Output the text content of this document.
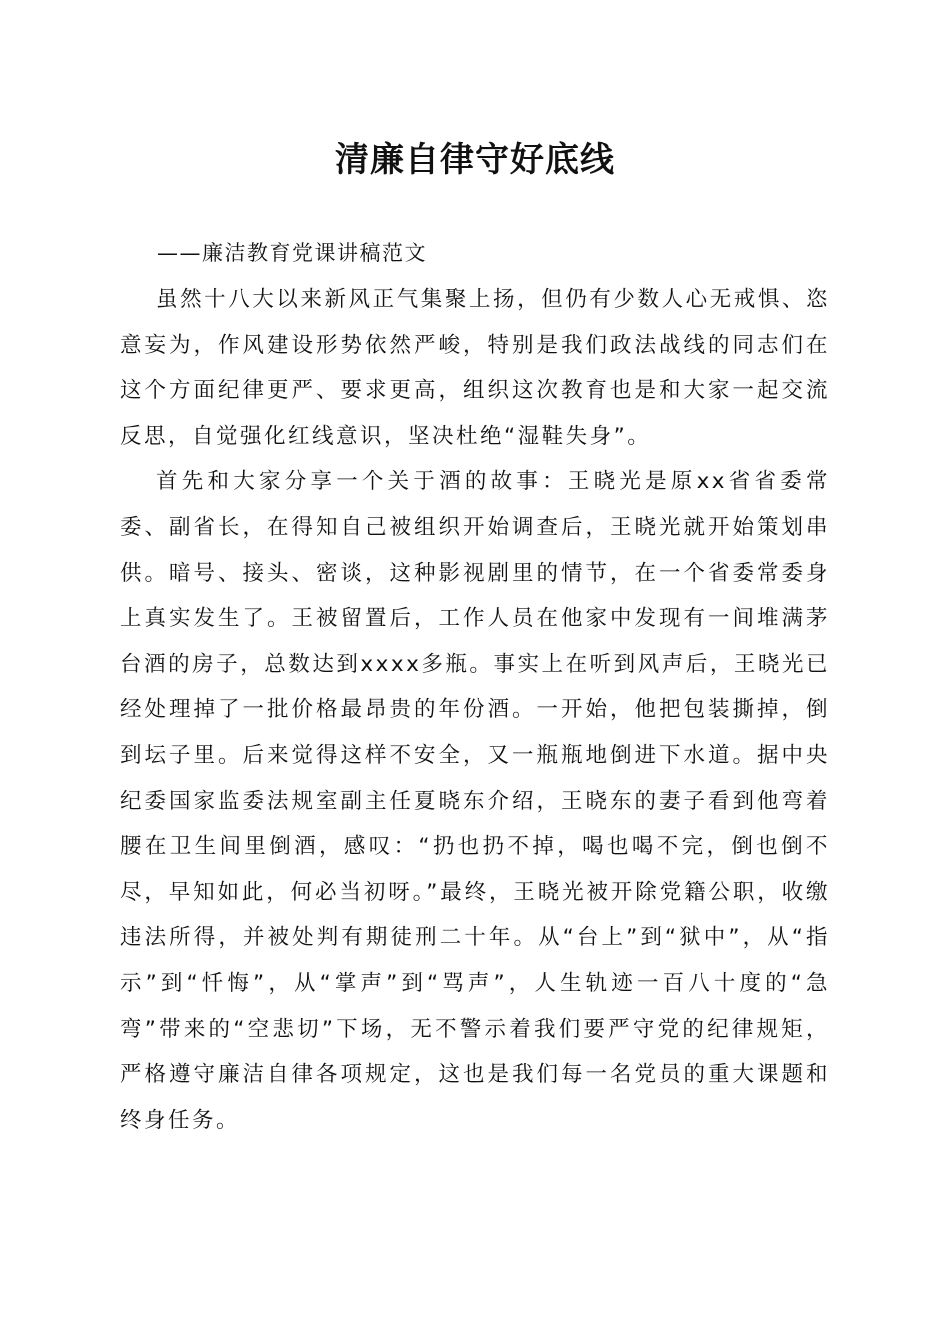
清廉自律守好底线
——廉洁教育党课讲稿范文

虽然十八大以来新风正气集聚上扬，但仍有少数人心无戒惧、恣意妄为，作风建设形势依然严峻，特别是我们政法战线的同志们在这个方面纪律更严、要求更高，组织这次教育也是和大家一起交流反思，自觉强化红线意识，坚决杜绝“湿鞋失身”。

首先和大家分享一个关于酒的故事：王晓光是原xx省省委常委、副省长，在得知自己被组织开始调查后，王晓光就开始策划串供。暗号、接头、密谈，这种影视剧里的情节，在一个省委常委身上真实发生了。王被留置后，工作人员在他家中发现有一间堆满茅台酒的房子，总数达到xxxx多瓶。事实上在听到风声后，王晓光已经处理掉了一批价格最昂贵的年份酒。一开始，他把包装撕掉，倒到坛子里。后来觉得这样不安全，又一瓶瓶地倒进下水道。据中央纪委国家监委法规室副主任夏晓东介绍，王晓东的妻子看到他弯着腰在卫生间里倒酒，感叹：“扔也扔不掉，喝也喝不完，倒也倒不尽，早知如此，何必当初呀。”最终，王晓光被开除党籍公职，收缴违法所得，并被处判有期徒刑二十年。从“台上”到“狱中”，从“指示”到“忏悔”，从“掌声”到“骂声”，人生轨迹一百八十度的“急弯”带来的“空悲切”下场，无不警示着我们要严守党的纪律规矩，严格遵守廉洁自律各项规定，这也是我们每一名党员的重大课题和终身任务。
